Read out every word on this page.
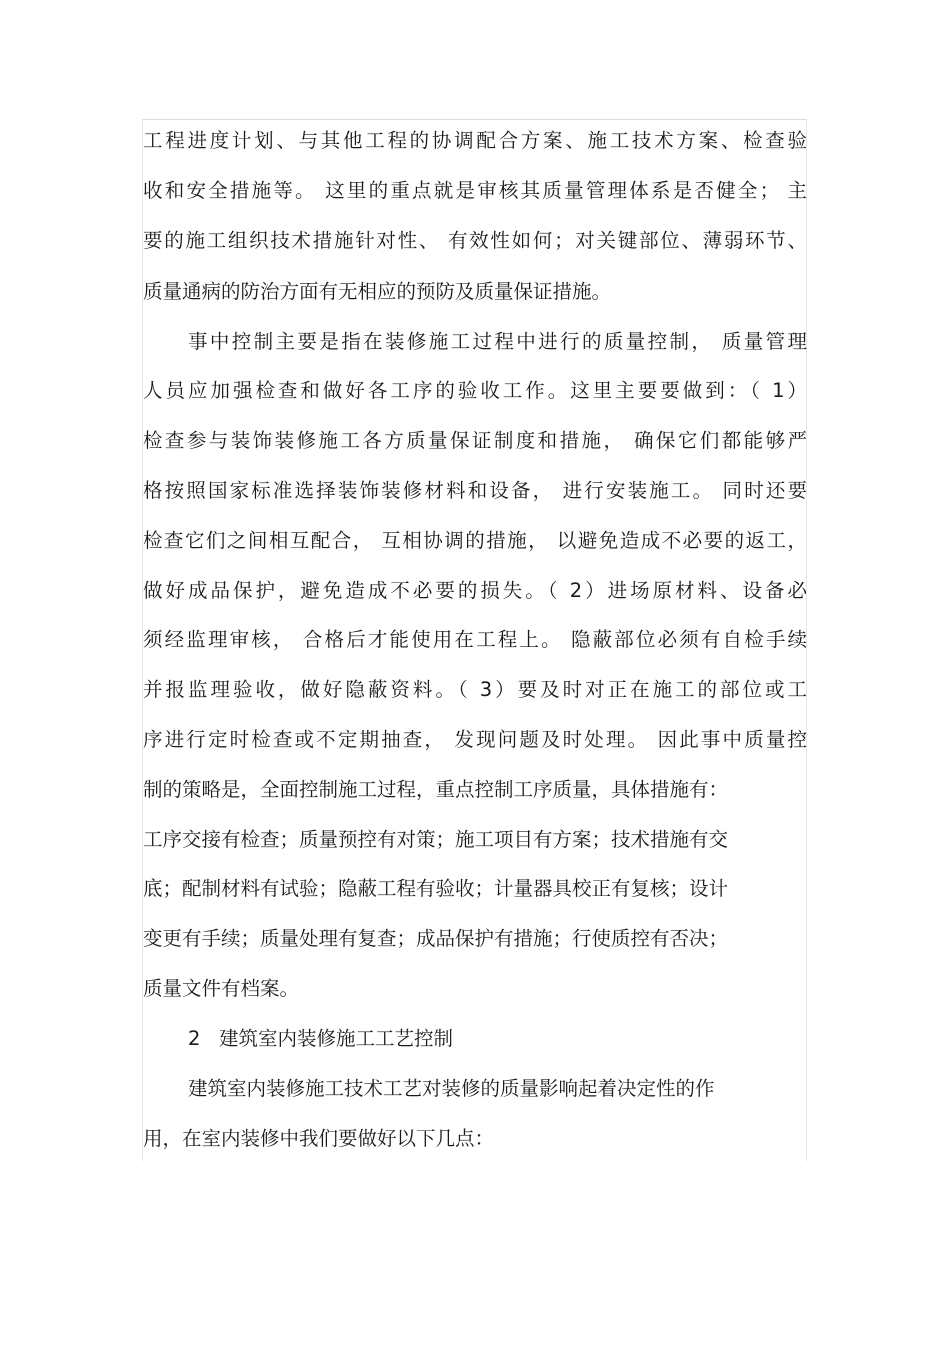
工程进度计划、与其他工程的协调配合方案、施工技术方案、检查验
收和安全措施等。 这里的重点就是审核其质量管理体系是否健全； 主
要的施工组织技术措施针对性、 有效性如何；对关键部位、薄弱环节、
质量通病的防治方面有无相应的预防及质量保证措施。
事中控制主要是指在装修施工过程中进行的质量控制， 质量管理
人员应加强检查和做好各工序的验收工作。这里主要要做到：（ 1）
检查参与装饰装修施工各方质量保证制度和措施， 确保它们都能够严
格按照国家标准选择装饰装修材料和设备， 进行安装施工。 同时还要
检查它们之间相互配合， 互相协调的措施， 以避免造成不必要的返工，
做好成品保护，避免造成不必要的损失。（ 2）进场原材料、设备必
须经监理审核， 合格后才能使用在工程上。 隐蔽部位必须有自检手续
并报监理验收，做好隐蔽资料。（ 3）要及时对正在施工的部位或工
序进行定时检查或不定期抽查， 发现问题及时处理。 因此事中质量控
制的策略是，全面控制施工过程，重点控制工序质量，具体措施有：
工序交接有检查；质量预控有对策；施工项目有方案；技术措施有交
底；配制材料有试验；隐蔽工程有验收；计量器具校正有复核；设计
变更有手续；质量处理有复查；成品保护有措施；行使质控有否决；
质量文件有档案。
2   建筑室内装修施工工艺控制
建筑室内装修施工技术工艺对装修的质量影响起着决定性的作
用，在室内装修中我们要做好以下几点：
